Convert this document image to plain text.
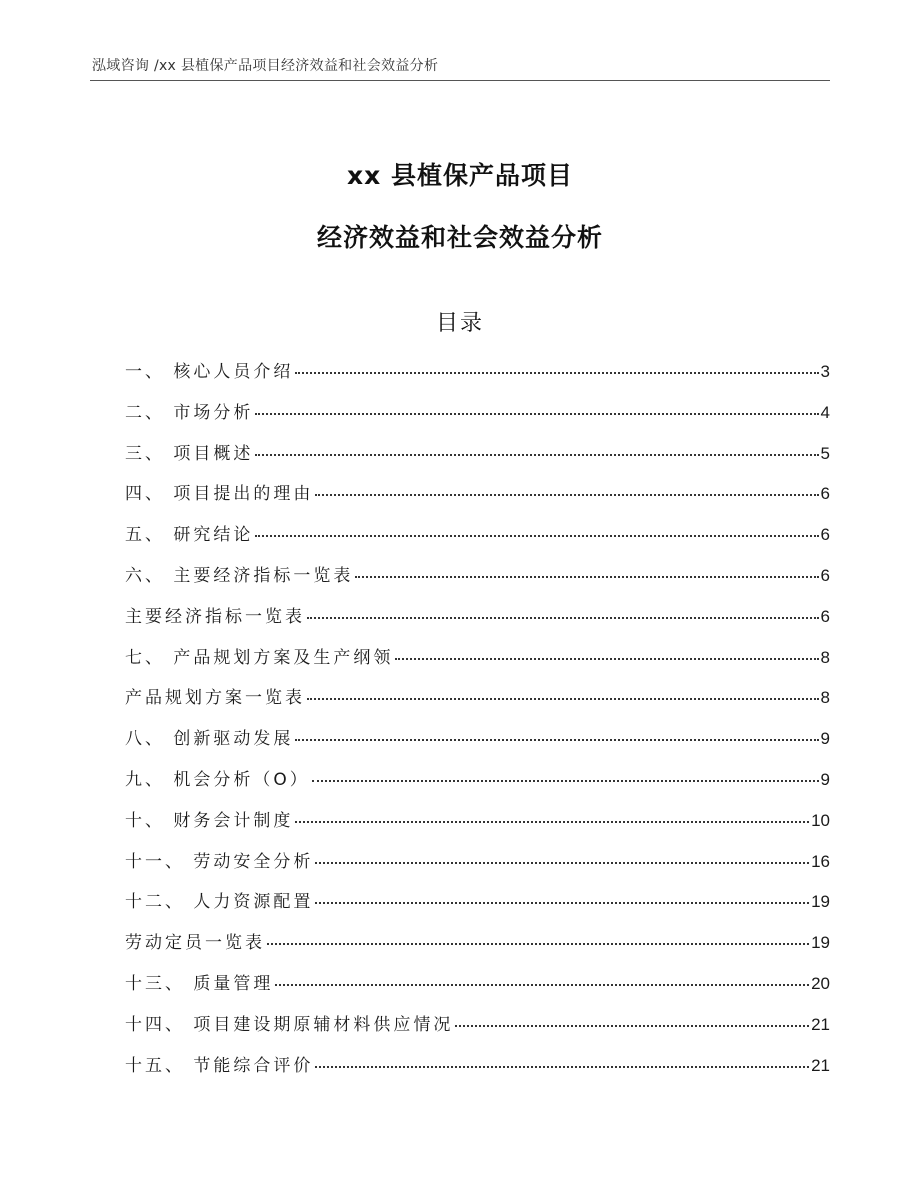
泓域咨询 /xx 县植保产品项目经济效益和社会效益分析
xx 县植保产品项目
经济效益和社会效益分析
目录
一、 核心人员介绍	3
二、 市场分析	4
三、 项目概述	5
四、 项目提出的理由	6
五、 研究结论	6
六、 主要经济指标一览表	6
主要经济指标一览表	6
七、 产品规划方案及生产纲领	8
产品规划方案一览表	8
八、 创新驱动发展	9
九、 机会分析（O）	9
十、 财务会计制度	10
十一、 劳动安全分析	16
十二、 人力资源配置	19
劳动定员一览表	19
十三、 质量管理	20
十四、 项目建设期原辅材料供应情况	21
十五、 节能综合评价	21
